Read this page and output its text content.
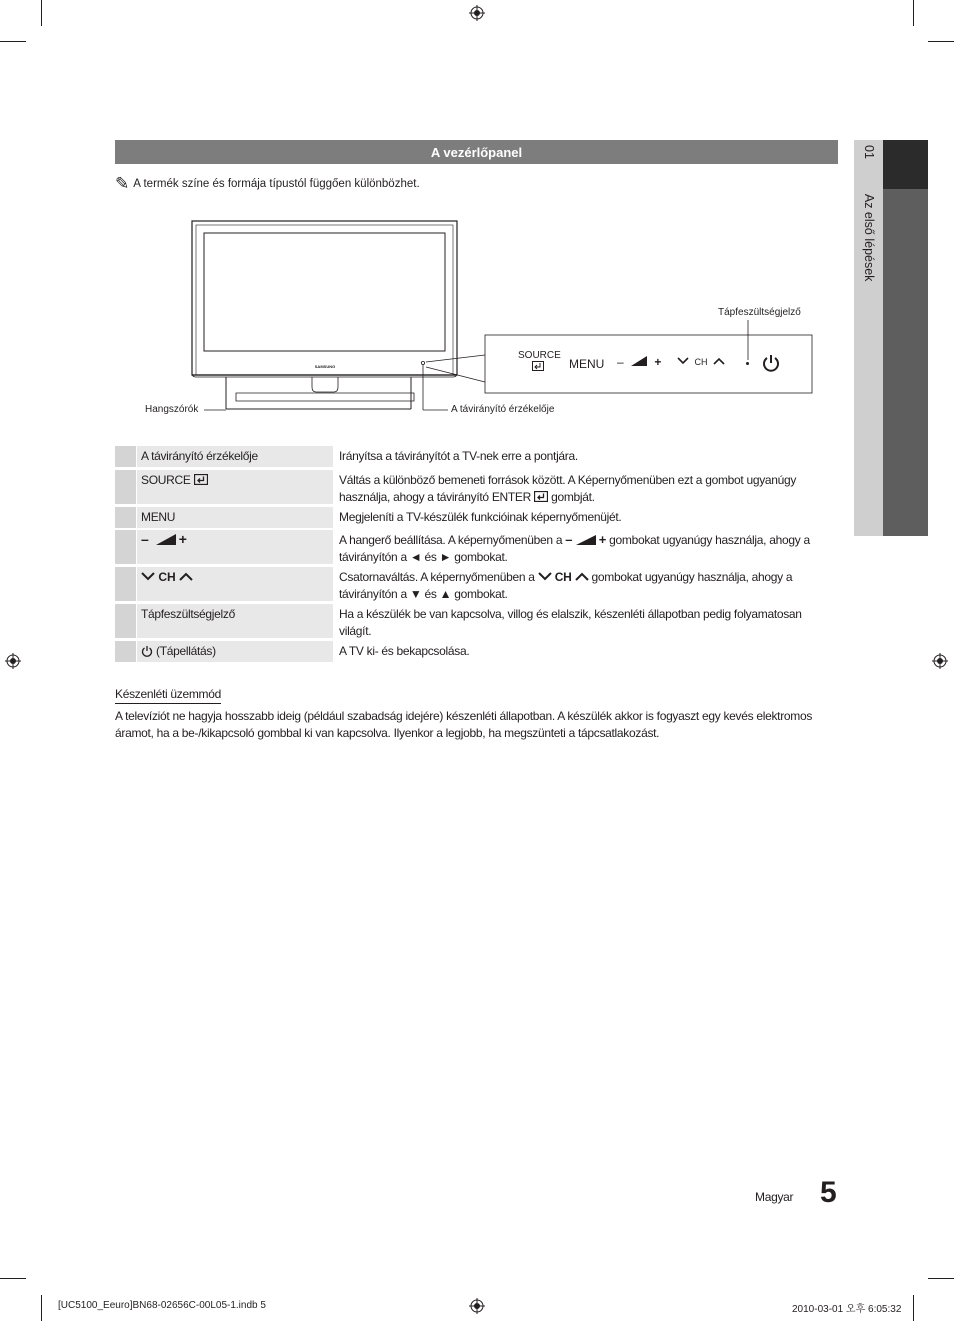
A vezérlőpanel
✎ A termék színe és formája típustól függően különbözhet.
01  Az első lépések
SAMSUNG
SOURCE
MENU –	+	CH
Tápfeszültségjelző
Hangszórók	A távirányító érzékelője
A távirányító érzékelője	Irányítsa a távirányítót a TV-nek erre a pontjára.
SOURCE	Váltás a különböző bemeneti források között. A Képernyőmenüben ezt a gombot ugyanúgy használja, ahogy a távirányító ENTER  gombját.
MENU	Megjeleníti a TV-készülék funkcióinak képernyőmenüjét.
– +	A hangerő beállítása. A képernyőmenüben a –  + gombokat ugyanúgy használja, ahogy a távirányítón a ◄ és ► gombokat.
CH	Csatornaváltás. A képernyőmenüben a  CH  gombokat ugyanúgy használja, ahogy a távirányítón a ▼ és ▲ gombokat.
Tápfeszültségjelző	Ha a készülék be van kapcsolva, villog és elalszik, készenléti állapotban pedig folyamatosan világít.
(Tápellátás)	A TV ki- és bekapcsolása.
Készenléti üzemmód
A televíziót ne hagyja hosszabb ideig (például szabadság idejére) készenléti állapotban. A készülék akkor is fogyaszt egy kevés elektromos áramot, ha a be-/kikapcsoló gombbal ki van kapcsolva. Ilyenkor a legjobb, ha megszünteti a tápcsatlakozást.
Magyar 5
[UC5100_Eeuro]BN68-02656C-00L05-1.indb 5	2010-03-01 오후 6:05:32
